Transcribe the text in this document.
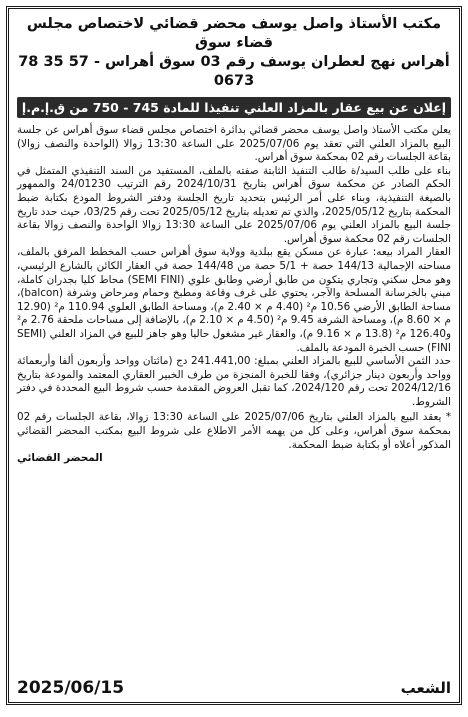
مكتب الأستاذ واصل يوسف محضر قضائي لاختصاص مجلس قضاء سوق
أهراس نهج لعطران يوسف رقم 03 سوق أهراس - 57 35 78 0673
إعلان عن بيع عقار بالمزاد العلني تنفيذا للمادة 745 - 750 من ق.إ.م.إ

يعلن مكتب الأستاذ واصل يوسف محضر قضائي بدائرة اختصاص مجلس قضاء سوق أهراس عن جلسة البيع بالمزاد العلني التي تعقد يوم 2025/07/06 على الساعة 13:30 زوالا (الواحدة والنصف زوالا) بقاعة الجلسات رقم 02 بمحكمة سوق أهراس.

بناء على طلب السيد/ة طالب التنفيذ الثابتة صفته بالملف، المستفيد من السند التنفيذي المتمثل في الحكم الصادر عن محكمة سوق أهراس بتاريخ 2024/10/31 رقم الترتيب 24/01230 والممهور بالصيغة التنفيذية، وبناء على أمر الرئيس بتحديد تاريخ الجلسة ودفتر الشروط المودع بكتابة ضبط المحكمة بتاريخ 2025/05/12، والذي تم تعديله بتاريخ 2025/05/12 تحت رقم 03/25، حيث حدد تاريخ جلسة البيع بالمزاد العلني يوم 2025/07/06 على الساعة 13:30 زوالا الواحدة والنصف زوالا بقاعة الجلسات رقم 02 محكمة سوق أهراس.

العقار المراد بيعه: عبارة عن مسكن يقع ببلدية وولاية سوق أهراس حسب المخطط المرفق بالملف، مساحته الإجمالية 144/13 حصة + 5/1 حصة من 144/48 حصة في العقار الكائن بالشارع الرئيسي، وهو محل سكني وتجاري يتكون من طابق أرضي وطابق علوي (SEMI FINI) محاط كليا بجدران كاملة، مبني بالخرسانة المسلحة والآجر، يحتوي على غرف وقاعة ومطبخ وحمام ومرحاض وشرفة (balcon)، مساحة الطابق الأرضي 10.56 م² (4.40 م × 2.40 م)، ومساحة الطابق العلوي 110.94 م² (12.90 م × 8.60 م)، ومساحة الشرفة 9.45 م² (4.50 م × 2.10 م)، بالإضافة إلى مساحات ملحقة 2.76 م² و126.40 م² (13.8 م × 9.16 م)، والعقار غير مشغول حاليا وهو جاهز للبيع في المزاد العلني (SEMI FINI) حسب الخبرة المودعة بالملف.

حدد الثمن الأساسي للبيع بالمزاد العلني بمبلغ: 241.441,00 دج (مائتان وواحد وأربعون ألفا وأربعمائة وواحد وأربعون دينار جزائري)، وفقا للخبرة المنجزة من طرف الخبير العقاري المعتمد والمودعة بتاريخ 2024/12/16 تحت رقم 2024/120، كما تقبل العروض المقدمة حسب شروط البيع المحددة في دفتر الشروط.

* يعقد البيع بالمزاد العلني بتاريخ 2025/07/06 على الساعة 13:30 زوالا، بقاعة الجلسات رقم 02 بمحكمة سوق أهراس، وعلى كل من يهمه الأمر الاطلاع على شروط البيع بمكتب المحضر القضائي المذكور أعلاه أو بكتابة ضبط المحكمة.
المحضر القضائي
الشعب
2025/06/15
